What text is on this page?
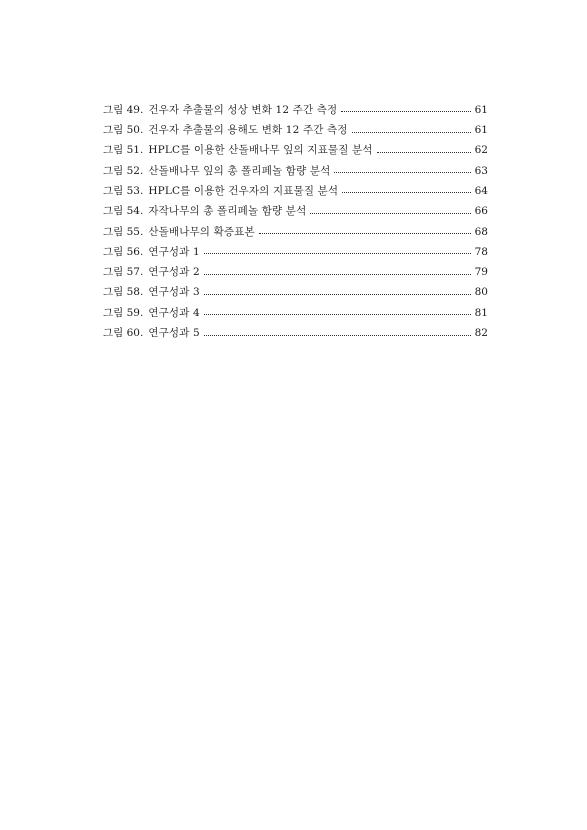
그림 49. 건우자 추출물의 성상 변화 12 주간 측정	61
그림 50. 건우자 추출물의 용해도 변화 12 주간 측정	61
그림 51. HPLC를 이용한 산돌배나무 잎의 지표물질 분석	62
그림 52. 산돌배나무 잎의 총 폴리페놀 함량 분석	63
그림 53. HPLC를 이용한 건우자의 지표물질 분석	64
그림 54. 자작나무의 총 폴리페놀 함량 분석	66
그림 55. 산돌배나무의 확증표본	68
그림 56. 연구성과 1	78
그림 57. 연구성과 2	79
그림 58. 연구성과 3	80
그림 59. 연구성과 4	81
그림 60. 연구성과 5	82
